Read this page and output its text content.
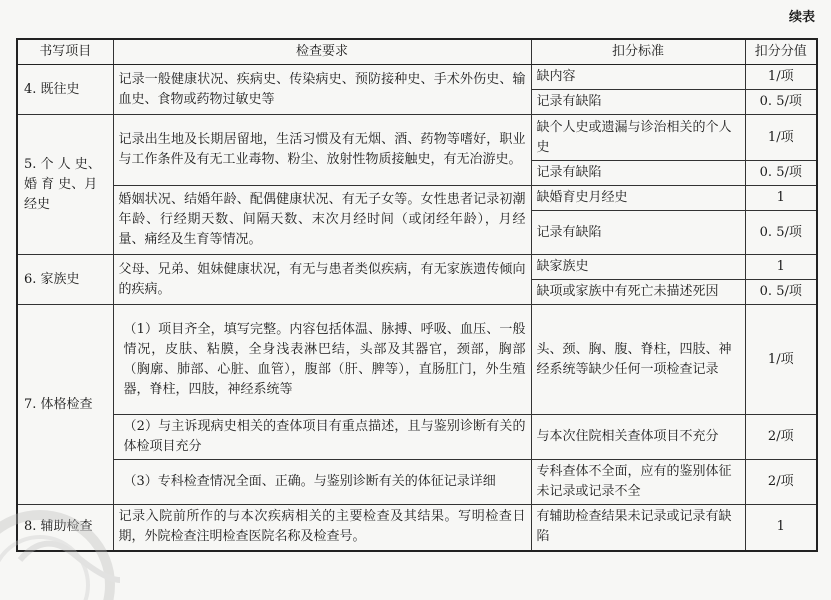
续表
书写项目	检查要求	扣分标准	扣分分值
4. 既往史	记录一般健康状况、疾病史、传染病史、预防接种史、手术外伤史、输血史、食物或药物过敏史等	缺内容	1/项
		记录有缺陷	0. 5/项
5. 个 人 史、婚 育 史、月经史	记录出生地及长期居留地，生活习惯及有无烟、酒、药物等嗜好，职业与工作条件及有无工业毒物、粉尘、放射性物质接触史，有无冶游史。	缺个人史或遗漏与诊治相关的个人史	1/项
		记录有缺陷	0. 5/项
	婚姻状况、结婚年龄、配偶健康状况、有无子女等。女性患者记录初潮年龄、行经期天数、间隔天数、末次月经时间（或闭经年龄），月经量、痛经及生育等情况。	缺婚育史月经史	1
		记录有缺陷	0. 5/项
6. 家族史	父母、兄弟、姐妹健康状况，有无与患者类似疾病，有无家族遗传倾向的疾病。	缺家族史	1
		缺项或家族中有死亡未描述死因	0. 5/项
7. 体格检查	（1）项目齐全，填写完整。内容包括体温、脉搏、呼吸、血压、一般情况，皮肤、粘膜，全身浅表淋巴结，头部及其器官，颈部，胸部（胸廓、肺部、心脏、血管），腹部（肝、脾等），直肠肛门，外生殖器，脊柱，四肢，神经系统等	头、颈、胸、腹、脊柱，四肢、神经系统等缺少任何一项检查记录	1/项
	（2）与主诉现病史相关的查体项目有重点描述，且与鉴别诊断有关的体检项目充分	与本次住院相关查体项目不充分	2/项
	（3）专科检查情况全面、正确。与鉴别诊断有关的体征记录详细	专科查体不全面，应有的鉴别体征未记录或记录不全	2/项
8. 辅助检查	记录入院前所作的与本次疾病相关的主要检查及其结果。写明检查日期，外院检查注明检查医院名称及检查号。	有辅助检查结果未记录或记录有缺陷	1
